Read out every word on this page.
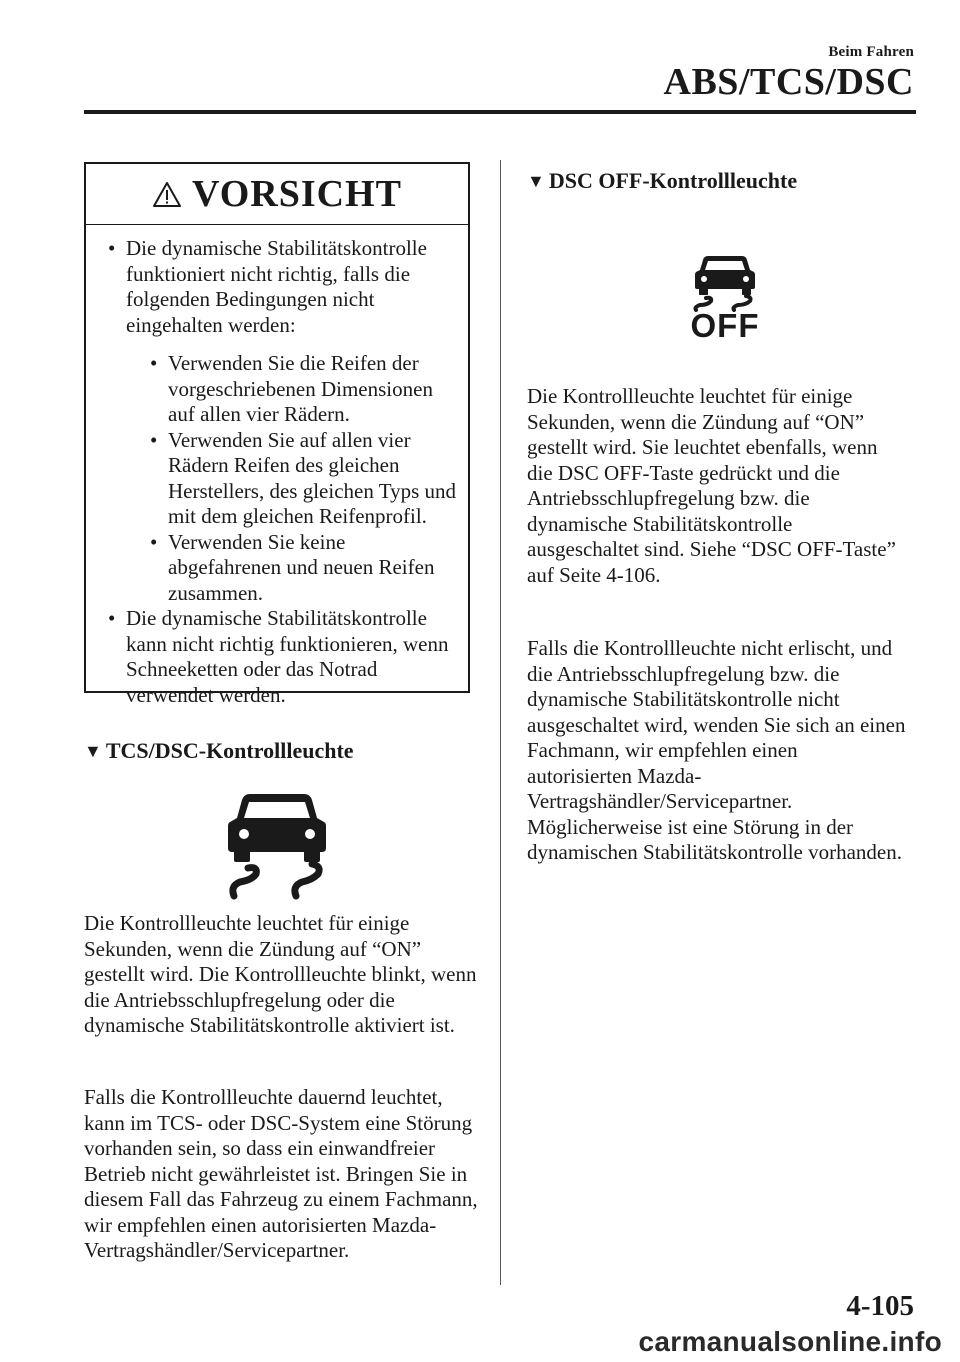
Beim Fahren
ABS/TCS/DSC
VORSICHT
• Die dynamische Stabilitätskontrolle funktioniert nicht richtig, falls die folgenden Bedingungen nicht eingehalten werden:
• Verwenden Sie die Reifen der vorgeschriebenen Dimensionen auf allen vier Rädern.
• Verwenden Sie auf allen vier Rädern Reifen des gleichen Herstellers, des gleichen Typs und mit dem gleichen Reifenprofil.
• Verwenden Sie keine abgefahrenen und neuen Reifen zusammen.
• Die dynamische Stabilitätskontrolle kann nicht richtig funktionieren, wenn Schneeketten oder das Notrad verwendet werden.
▼ TCS/DSC-Kontrollleuchte

Die Kontrollleuchte leuchtet für einige Sekunden, wenn die Zündung auf “ON” gestellt wird. Die Kontrollleuchte blinkt, wenn die Antriebsschlupfregelung oder die dynamische Stabilitätskontrolle aktiviert ist.

Falls die Kontrollleuchte dauernd leuchtet, kann im TCS- oder DSC-System eine Störung vorhanden sein, so dass ein einwandfreier Betrieb nicht gewährleistet ist. Bringen Sie in diesem Fall das Fahrzeug zu einem Fachmann, wir empfehlen einen autorisierten Mazda-Vertragshändler/Servicepartner.

▼ DSC OFF-Kontrollleuchte
OFF

Die Kontrollleuchte leuchtet für einige Sekunden, wenn die Zündung auf “ON” gestellt wird. Sie leuchtet ebenfalls, wenn die DSC OFF-Taste gedrückt und die Antriebsschlupfregelung bzw. die dynamische Stabilitätskontrolle ausgeschaltet sind. Siehe “DSC OFF-Taste” auf Seite 4-106.

Falls die Kontrollleuchte nicht erlischt, und die Antriebsschlupfregelung bzw. die dynamische Stabilitätskontrolle nicht ausgeschaltet wird, wenden Sie sich an einen Fachmann, wir empfehlen einen autorisierten Mazda-Vertragshändler/Servicepartner. Möglicherweise ist eine Störung in der dynamischen Stabilitätskontrolle vorhanden.

4-105
carmanualsonline.info
